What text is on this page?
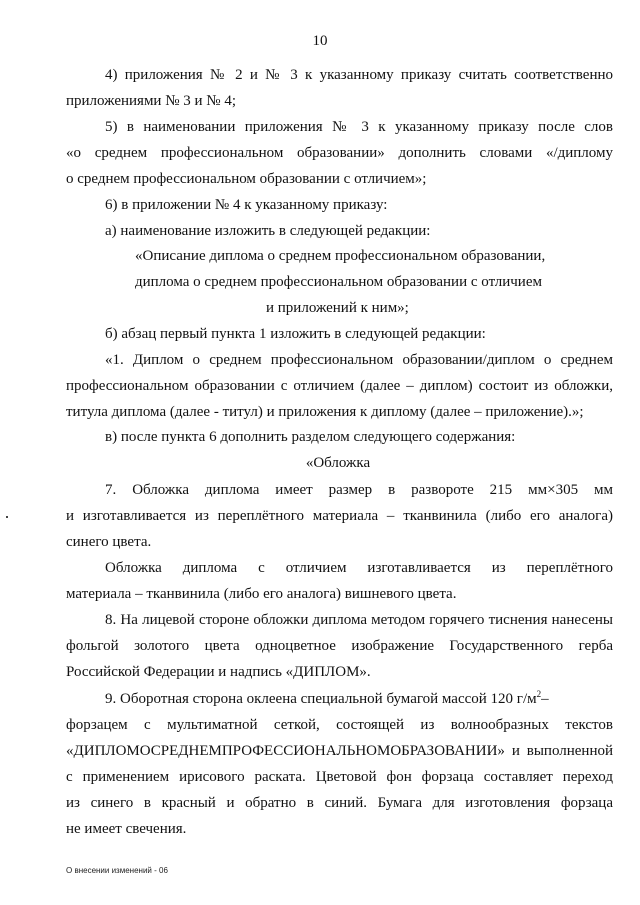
10

4) приложения № 2 и № 3 к указанному приказу считать соответственно

приложениями № 3 и № 4;

5) в наименовании приложения № 3 к указанному приказу после слов

«о среднем профессиональном образовании» дополнить словами «/диплому

о среднем профессиональном образовании с отличием»;

6) в приложении № 4 к указанному приказу:

а) наименование изложить в следующей редакции:

«Описание диплома о среднем профессиональном образовании,

диплома о среднем профессиональном образовании с отличием

и приложений к ним»;

б) абзац первый пункта 1 изложить в следующей редакции:

«1. Диплом о среднем профессиональном образовании/диплом о среднем

профессиональном образовании с отличием (далее – диплом) состоит из обложки,

титула диплома (далее - титул) и приложения к диплому (далее – приложение).»;

в) после пункта 6 дополнить разделом следующего содержания:

«Обложка

7. Обложка диплома имеет размер в развороте 215 мм×305 мм

и изготавливается из переплётного материала – тканвинила (либо его аналога)

синего цвета.

Обложка диплома с отличием изготавливается из переплётного

материала – тканвинила (либо его аналога) вишневого цвета.

8. На лицевой стороне обложки диплома методом горячего тиснения нанесены

фольгой золотого цвета одноцветное изображение Государственного герба

Российской Федерации и надпись «ДИПЛОМ».

9. Оборотная сторона оклеена специальной бумагой массой 120 $г/м^2-$

форзацем с мультиматной сеткой, состоящей из волнообразных текстов

«ДИПЛОМОСРЕДНЕМПРОФЕССИОНАЛЬНОМОБРАЗОВАНИИ» и выполненной

с применением ирисового раската. Цветовой фон форзаца составляет переход

из синего в красный и обратно в синий. Бумага для изготовления форзаца

не имеет свечения.

О внесении изменений - 06
